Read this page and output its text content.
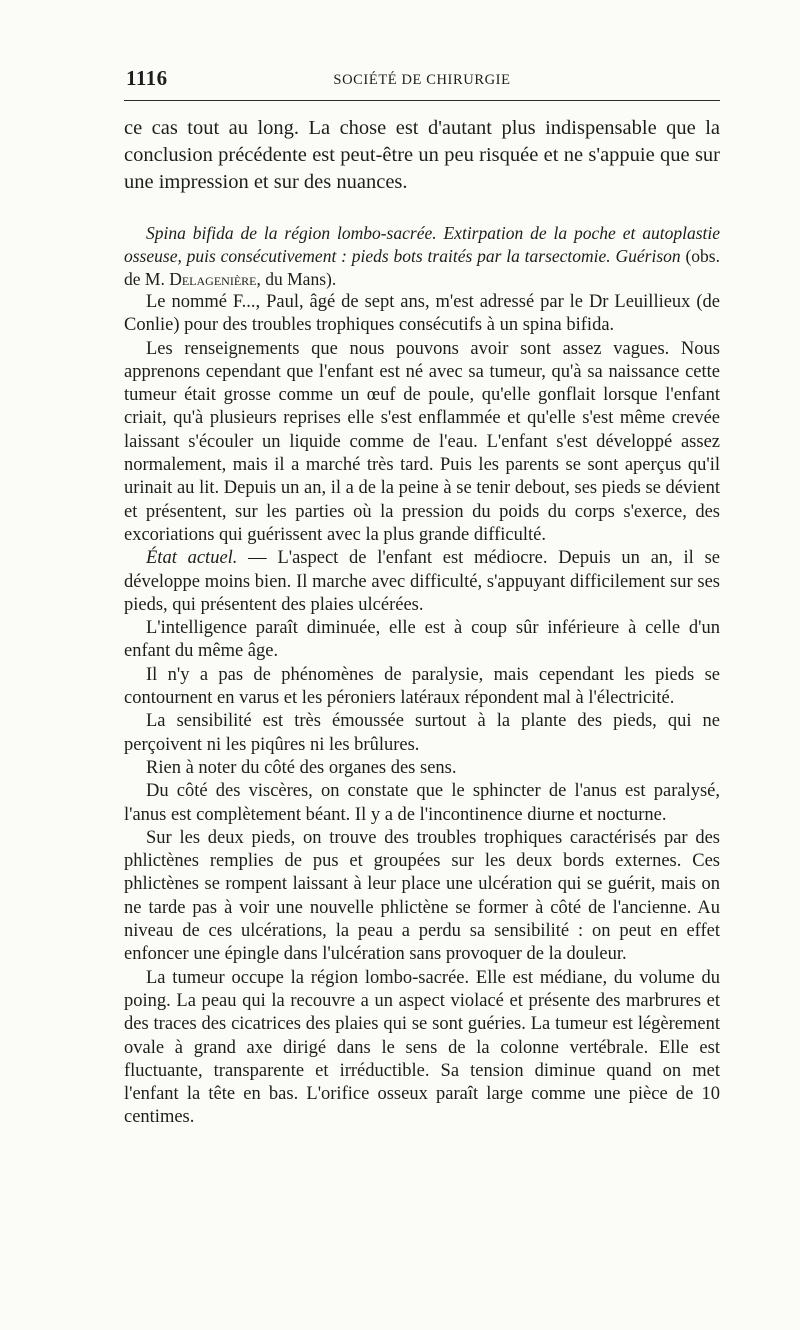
1116	SOCIÉTÉ DE CHIRURGIE

ce cas tout au long. La chose est d'autant plus indispensable que la conclusion précédente est peut-être un peu risquée et ne s'appuie que sur une impression et sur des nuances.

Spina bifida de la région lombo-sacrée. Extirpation de la poche et autoplastie osseuse, puis consécutivement : pieds bots traités par la tarsectomie. Guérison (obs. de M. Delagenière, du Mans).

Le nommé F..., Paul, âgé de sept ans, m'est adressé par le Dr Leuillieux (de Conlie) pour des troubles trophiques consécutifs à un spina bifida.

Les renseignements que nous pouvons avoir sont assez vagues. Nous apprenons cependant que l'enfant est né avec sa tumeur, qu'à sa naissance cette tumeur était grosse comme un œuf de poule, qu'elle gonflait lorsque l'enfant criait, qu'à plusieurs reprises elle s'est enflammée et qu'elle s'est même crevée laissant s'écouler un liquide comme de l'eau. L'enfant s'est développé assez normalement, mais il a marché très tard. Puis les parents se sont aperçus qu'il urinait au lit. Depuis un an, il a de la peine à se tenir debout, ses pieds se dévient et présentent, sur les parties où la pression du poids du corps s'exerce, des excoriations qui guérissent avec la plus grande difficulté.

État actuel. — L'aspect de l'enfant est médiocre. Depuis un an, il se développe moins bien. Il marche avec difficulté, s'appuyant difficilement sur ses pieds, qui présentent des plaies ulcérées.

L'intelligence paraît diminuée, elle est à coup sûr inférieure à celle d'un enfant du même âge.

Il n'y a pas de phénomènes de paralysie, mais cependant les pieds se contournent en varus et les péroniers latéraux répondent mal à l'électricité.

La sensibilité est très émoussée surtout à la plante des pieds, qui ne perçoivent ni les piqûres ni les brûlures.

Rien à noter du côté des organes des sens.

Du côté des viscères, on constate que le sphincter de l'anus est paralysé, l'anus est complètement béant. Il y a de l'incontinence diurne et nocturne.

Sur les deux pieds, on trouve des troubles trophiques caractérisés par des phlictènes remplies de pus et groupées sur les deux bords externes. Ces phlictènes se rompent laissant à leur place une ulcération qui se guérit, mais on ne tarde pas à voir une nouvelle phlictène se former à côté de l'ancienne. Au niveau de ces ulcérations, la peau a perdu sa sensibilité : on peut en effet enfoncer une épingle dans l'ulcération sans provoquer de la douleur.

La tumeur occupe la région lombo-sacrée. Elle est médiane, du volume du poing. La peau qui la recouvre a un aspect violacé et présente des marbrures et des traces des cicatrices des plaies qui se sont guéries. La tumeur est légèrement ovale à grand axe dirigé dans le sens de la colonne vertébrale. Elle est fluctuante, transparente et irréductible. Sa tension diminue quand on met l'enfant la tête en bas. L'orifice osseux paraît large comme une pièce de 10 centimes.
